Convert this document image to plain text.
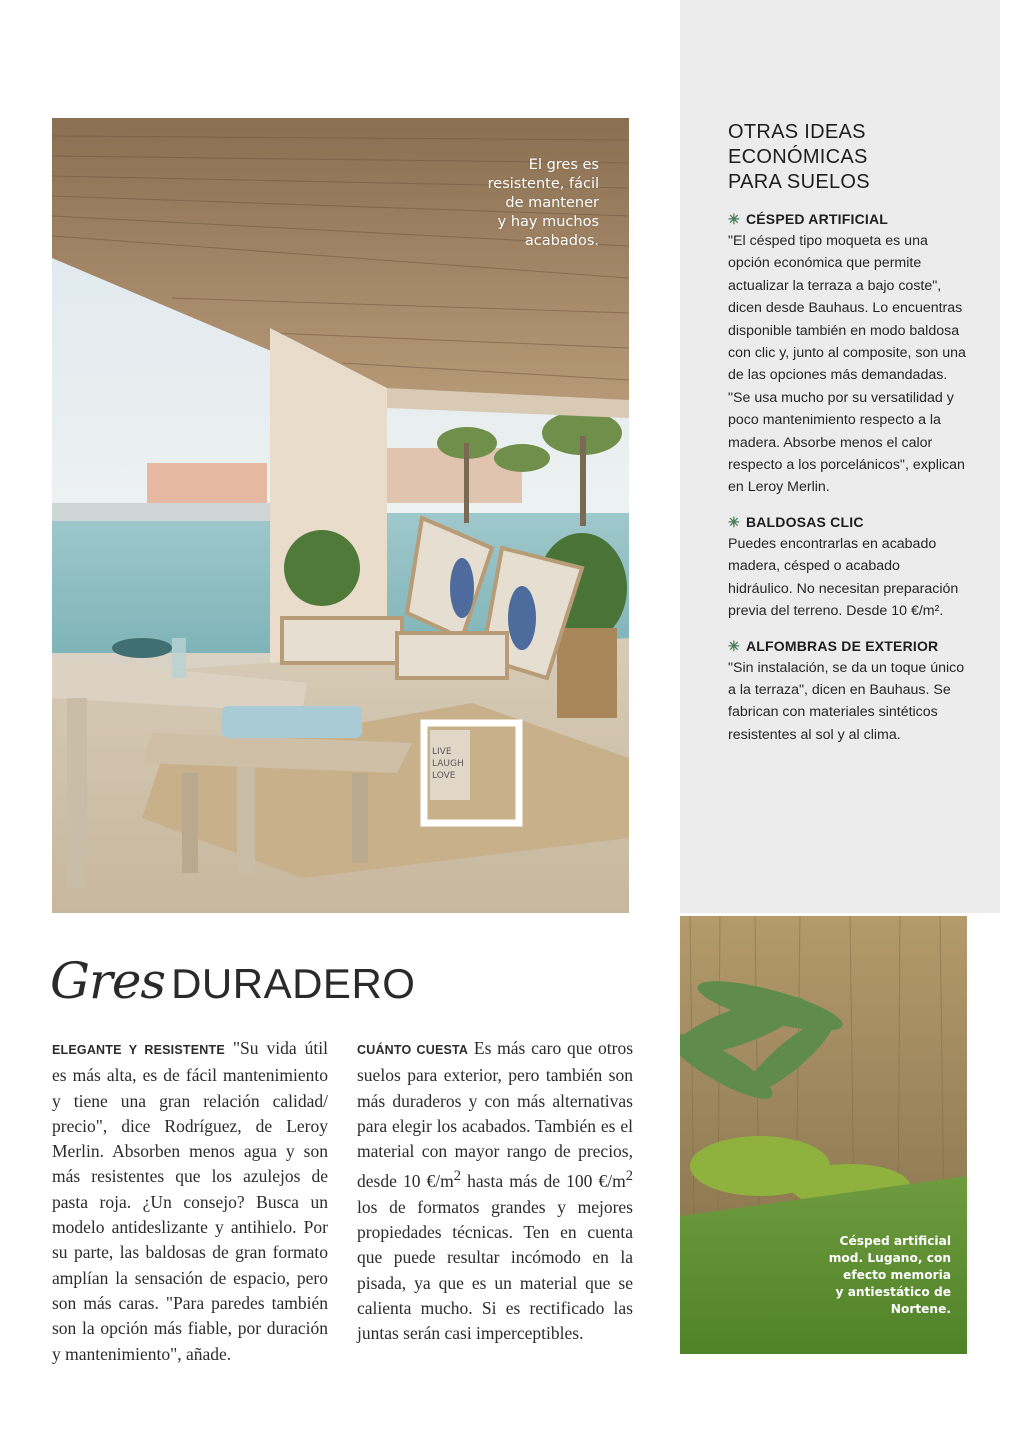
LIVE
LAUGH
LOVE
El gres es
resistente, fácil
de mantener
y hay muchos
acabados.
Gres DURADERO
ELEGANTE Y RESISTENTE "Su vida útil es más alta, es de fácil mantenimiento y tiene una gran relación calidad/ precio", dice Rodríguez, de Leroy Merlin. Absorben menos agua y son más resistentes que los azulejos de pasta roja. ¿Un consejo? Busca un modelo antideslizante y antihielo. Por su parte, las baldosas de gran formato amplían la sensación de espacio, pero son más caras. "Para paredes también son la opción más fiable, por duración y mantenimiento", añade.
CUÁNTO CUESTA Es más caro que otros suelos para exterior, pero también son más duraderos y con más alternativas para elegir los acabados. También es el material con mayor rango de precios, desde 10 $€/m^2$ hasta más de 100 $€/m^2$ los de formatos grandes y mejores propiedades técnicas. Ten en cuenta que puede resultar incómodo en la pisada, ya que es un material que se calienta mucho. Si es rectificado las juntas serán casi imperceptibles.
OTRAS IDEAS
ECONÓMICAS
PARA SUELOS
✳ CÉSPED ARTIFICIAL
"El césped tipo moqueta es una opción económica que permite actualizar la terraza a bajo coste", dicen desde Bauhaus. Lo encuentras disponible también en modo baldosa con clic y, junto al composite, son una de las opciones más demandadas. "Se usa mucho por su versatilidad y poco mantenimiento respecto a la madera. Absorbe menos el calor respecto a los porcelánicos", explican en Leroy Merlin.
✳ BALDOSAS CLIC
Puedes encontrarlas en acabado madera, césped o acabado hidráulico. No necesitan preparación previa del terreno. Desde 10 €/m².
✳ ALFOMBRAS DE EXTERIOR
"Sin instalación, se da un toque único a la terraza", dicen en Bauhaus. Se fabrican con materiales sintéticos resistentes al sol y al clima.
Césped artificial
mod. Lugano, con
efecto memoria
y antiestático de
Nortene.
